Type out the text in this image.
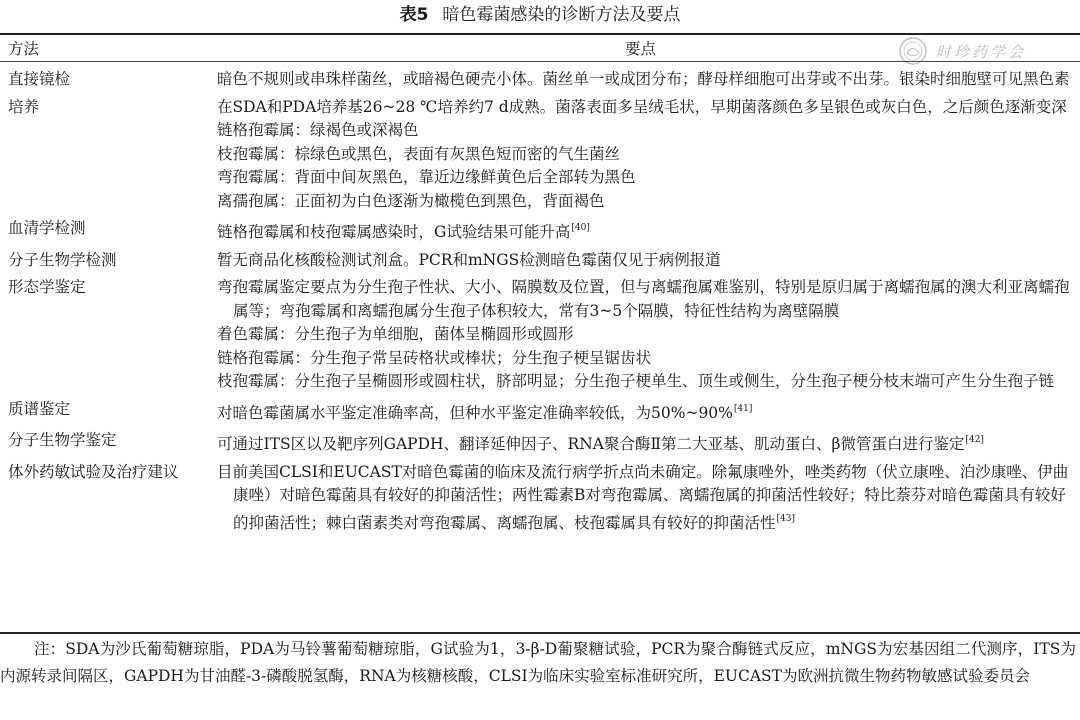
表5 暗色霉菌感染的诊断方法及要点
时珍药学会
方法	要点
直接镜检	暗色不规则或串珠样菌丝，或暗褐色硬壳小体。菌丝单一或成团分布；酵母样细胞可出芽或不出芽。银染时细胞壁可见黑色素

培养	在SDA和PDA培养基26~28 ℃培养约7 d成熟。菌落表面多呈绒毛状，早期菌落颜色多呈银色或灰白色，之后颜色逐渐变深

链格孢霉属：绿褐色或深褐色

枝孢霉属：棕绿色或黑色，表面有灰黑色短而密的气生菌丝

弯孢霉属：背面中间灰黑色，靠近边缘鲜黄色后全部转为黑色

离孺孢属：正面初为白色逐渐为橄榄色到黑色，背面褐色

血清学检测	链格孢霉属和枝孢霉属感染时，G试验结果可能升高[40]

分子生物学检测	暂无商品化核酸检测试剂盒。PCR和mNGS检测暗色霉菌仅见于病例报道

形态学鉴定	弯孢霉属鉴定要点为分生孢子性状、大小、隔膜数及位置，但与离蠕孢属难鉴别，特别是原归属于离蠕孢属的澳大利亚离蠕孢属等；弯孢霉属和离蠕孢属分生孢子体积较大，常有3~5个隔膜，特征性结构为离壁隔膜

着色霉属：分生孢子为单细胞，菌体呈椭圆形或圆形

链格孢霉属：分生孢子常呈砖格状或棒状；分生孢子梗呈锯齿状

枝孢霉属：分生孢子呈椭圆形或圆柱状，脐部明显；分生孢子梗单生、顶生或侧生，分生孢子梗分枝末端可产生分生孢子链

质谱鉴定	对暗色霉菌属水平鉴定准确率高，但种水平鉴定准确率较低，为50%~90%[41]

分子生物学鉴定	可通过ITS区以及靶序列GAPDH、翻译延伸因子、RNA聚合酶Ⅱ第二大亚基、肌动蛋白、β微管蛋白进行鉴定[42]

体外药敏试验及治疗建议 目前美国CLSI和EUCAST对暗色霉菌的临床及流行病学折点尚未确定。除氟康唑外，唑类药物（伏立康唑、泊沙康唑、伊曲康唑）对暗色霉菌具有较好的抑菌活性；两性霉素B对弯孢霉属、离蠕孢属的抑菌活性较好；特比萘芬对暗色霉菌具有较好的抑菌活性；棘白菌素类对弯孢霉属、离蠕孢属、枝孢霉属具有较好的抑菌活性[43]

注：SDA为沙氏葡萄糖琼脂，PDA为马铃薯葡萄糖琼脂，G试验为1，3-β-D葡聚糖试验，PCR为聚合酶链式反应，mNGS为宏基因组二代测序，ITS为内源转录间隔区，GAPDH为甘油醛-3-磷酸脱氢酶，RNA为核糖核酸，CLSI为临床实验室标准研究所，EUCAST为欧洲抗微生物药物敏感试验委员会
